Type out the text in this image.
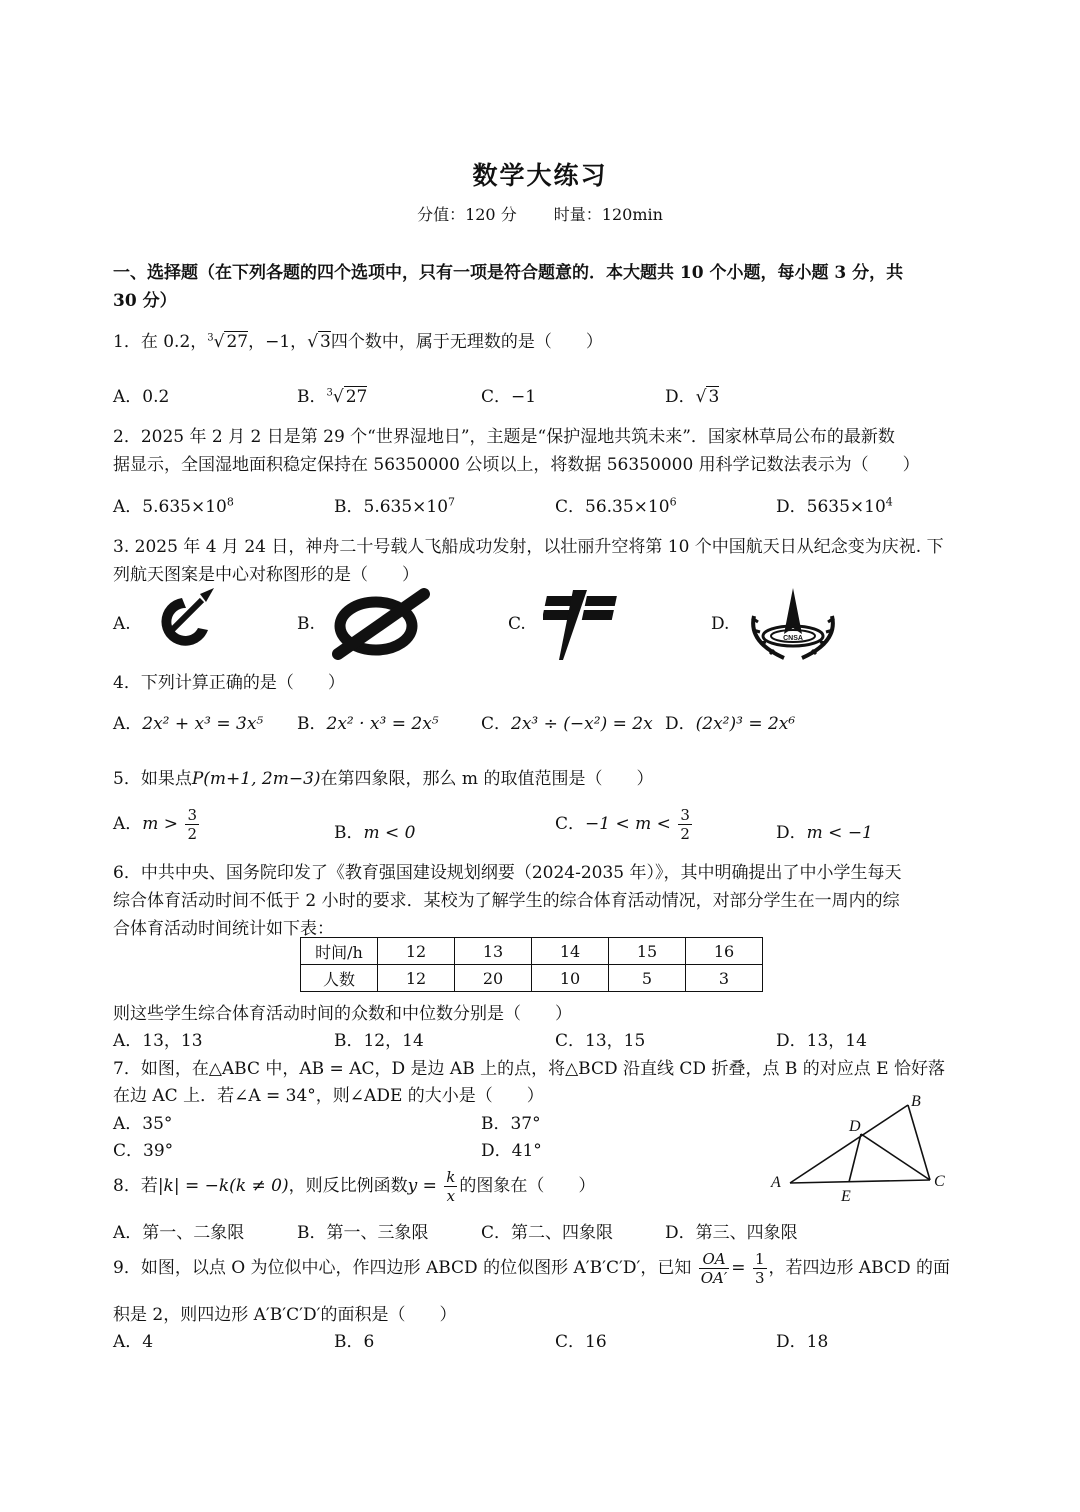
数学大练习
分值：120 分 时量：120min
一、选择题（在下列各题的四个选项中，只有一项是符合题意的．本大题共 10 个小题，每小题 3 分，共
30 分）
1．在 0.2，$^3$√ 27，−1，√ 3四个数中，属于无理数的是（　　）
A．0.2	B．$^3$√ 27	C．−1	D．√ 3
2．2025 年 2 月 2 日是第 29 个“世界湿地日”，主题是“保护湿地共筑未来”．国家林草局公布的最新数
据显示，全国湿地面积稳定保持在 56350000 公顷以上，将数据 56350000 用科学记数法表示为（　　）
A．$5.635\times 10^8$	B．$5.635\times 10^7$	C．$56.35\times 10^6$	D．$5635\times 10^4$
3. 2025 年 4 月 24 日，神舟二十号载人飞船成功发射，以壮丽升空将第 10 个中国航天日从纪念变为庆祝. 下
列航天图案是中心对称图形的是（　　）
A.	B.	C.	D.
CNSA
4．下列计算正确的是（　　）
A．2x² + x³ = 3x⁵ B．2x² · x³ = 2x⁵ C．2x³ ÷ (−x²) = 2x D．(2x²)³ = 2x⁶
5．如果点P(m+1, 2m−3)在第四象限，那么 m 的取值范围是（　　）
A．$m > \frac{3}{2}$	B．m < 0	C．$-1 < m < \frac{3}{2}$	D．m < −1
6．中共中央、国务院印发了《教育强国建设规划纲要（2024-2035 年）》，其中明确提出了中小学生每天
综合体育活动时间不低于 2 小时的要求．某校为了解学生的综合体育活动情况，对部分学生在一周内的综
合体育活动时间统计如下表：
时间/h	12	13	14	15	16
人数	12	20	10	5	3
则这些学生综合体育活动时间的众数和中位数分别是（　　）
A．13，13	B．12，14	C．13，15	D．13，14
7．如图，在△ABC 中，AB = AC，D 是边 AB 上的点，将△BCD 沿直线 CD 折叠，点 B 的对应点 E 恰好落
在边 AC 上．若∠A = 34°，则∠ADE 的大小是（　　）
A．35°	B．37°
C．39°	D．41°
A
B
C
D
E
8．若|k| = −k(k ≠ 0)，则反比例函数$y = \frac{k}{x}$ 的图象在（　　）
A．第一、二象限	B．第一、三象限	C．第二、四象限	D．第三、四象限
9．如图，以点 O 为位似中心，作四边形 ABCD 的位似图形 A′B′C′D′，已知 $\frac{OA}{OA'} = \frac{1}{3}$ ，若四边形 ABCD 的面
积是 2，则四边形 A′B′C′D′的面积是（　　）
A．4	B．6	C．16	D．18
